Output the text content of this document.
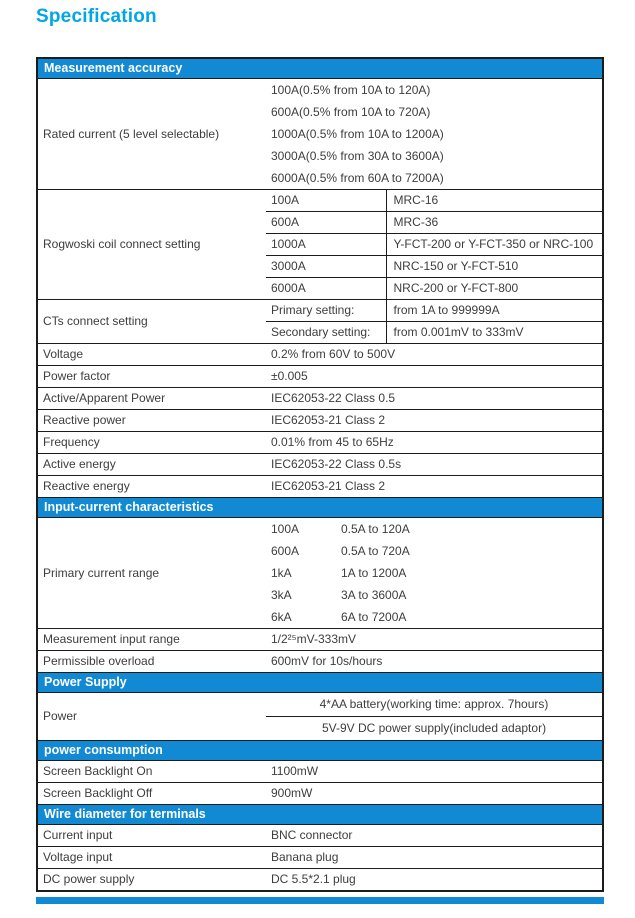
Specification
Measurement accuracy		
Rated current (5 level selectable)	100A(0.5% from 10A to 120A)
600A(0.5% from 10A to 720A)
1000A(0.5% from 10A to 1200A)
3000A(0.5% from 30A to 3600A)
6000A(0.5% from 60A to 7200A)	

Rogwoski coil connect setting	100A	MRC-16
	600A	MRC-36
	1000A	Y-FCT-200 or Y-FCT-350 or NRC-100
	3000A	NRC-150 or Y-FCT-510
	6000A	NRC-200 or Y-FCT-800
CTs connect setting	Primary setting:	from 1A to 999999A
	Secondary setting:	from 0.001mV to 333mV
Voltage	0.2% from 60V to 500V	
Power factor	±0.005	
Active/Apparent Power	IEC62053-22 Class 0.5	
Reactive power	IEC62053-21 Class 2	
Frequency	0.01% from 45 to 65Hz	
Active energy	IEC62053-22 Class 0.5s	
Reactive energy	IEC62053-21 Class 2	
Input-current characteristics		
Primary current range	
100A	0.5A to 120A
600A	0.5A to 720A
1kA	1A to 1200A
3kA	3A to 3600A
6kA	6A to 7200A

Measurement input range	1/2²⁵mV-333mV	
Permissible overload	600mV for 10s/hours	
Power Supply		
Power	4*AA battery(working time: approx. 7hours)
5V-9V DC power supply(included adaptor)	

power consumption		
Screen Backlight On	1100mW	
Screen Backlight Off	900mW	
Wire diameter for terminals		
Current input	BNC connector	
Voltage input	Banana plug	
DC power supply	DC 5.5*2.1 plug	
